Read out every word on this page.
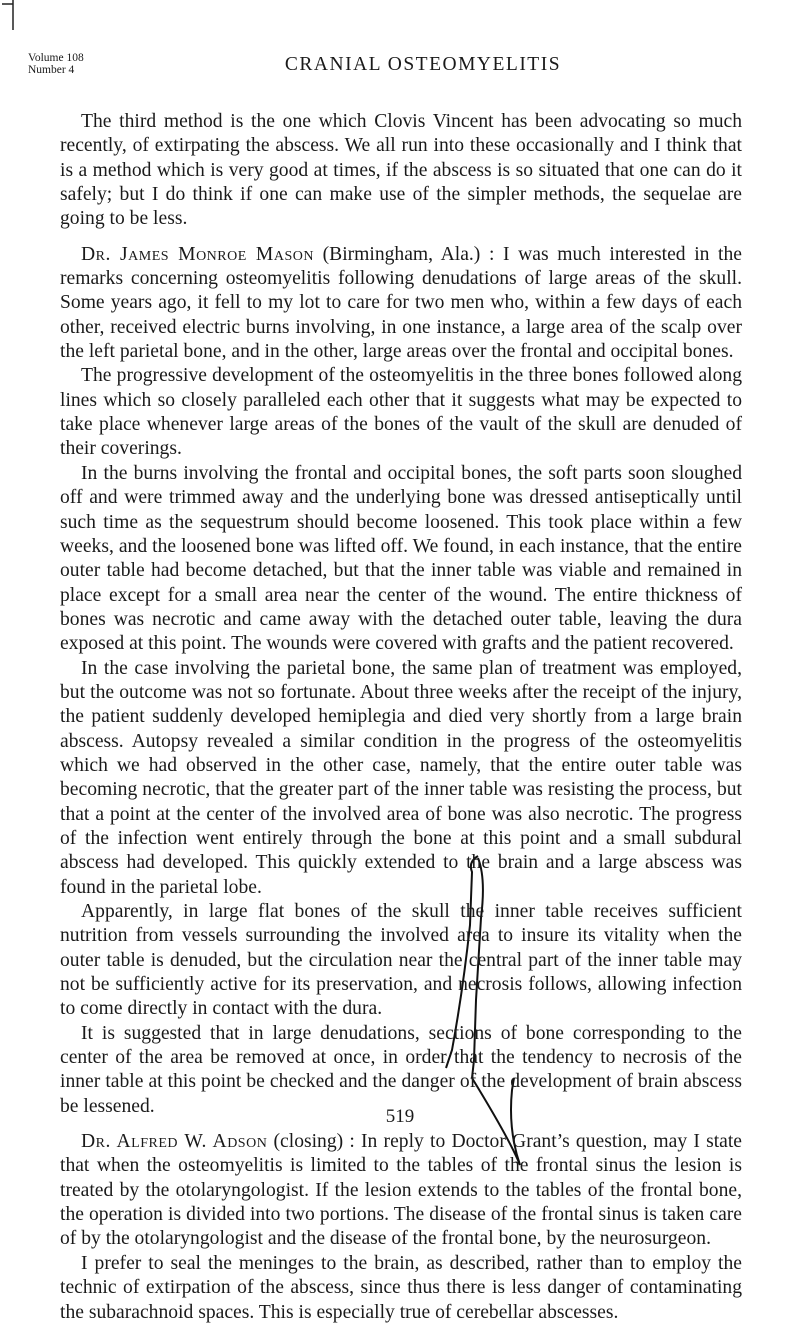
Volume 108
Number 4	CRANIAL OSTEOMYELITIS

The third method is the one which Clovis Vincent has been advocating so much recently, of extirpating the abscess. We all run into these occasionally and I think that is a method which is very good at times, if the abscess is so situated that one can do it safely; but I do think if one can make use of the simpler methods, the sequelae are going to be less.

Dr. James Monroe Mason (Birmingham, Ala.) : I was much interested in the remarks concerning osteomyelitis following denudations of large areas of the skull. Some years ago, it fell to my lot to care for two men who, within a few days of each other, received electric burns involving, in one instance, a large area of the scalp over the left parietal bone, and in the other, large areas over the frontal and occipital bones.

The progressive development of the osteomyelitis in the three bones followed along lines which so closely paralleled each other that it suggests what may be expected to take place whenever large areas of the bones of the vault of the skull are denuded of their coverings.

In the burns involving the frontal and occipital bones, the soft parts soon sloughed off and were trimmed away and the underlying bone was dressed antiseptically until such time as the sequestrum should become loosened. This took place within a few weeks, and the loosened bone was lifted off. We found, in each instance, that the entire outer table had become detached, but that the inner table was viable and remained in place except for a small area near the center of the wound. The entire thickness of bones was necrotic and came away with the detached outer table, leaving the dura exposed at this point. The wounds were covered with grafts and the patient recovered.

In the case involving the parietal bone, the same plan of treatment was employed, but the outcome was not so fortunate. About three weeks after the receipt of the injury, the patient suddenly developed hemiplegia and died very shortly from a large brain abscess. Autopsy revealed a similar condition in the progress of the osteomyelitis which we had observed in the other case, namely, that the entire outer table was becoming necrotic, that the greater part of the inner table was resisting the process, but that a point at the center of the involved area of bone was also necrotic. The progress of the infection went entirely through the bone at this point and a small subdural abscess had developed. This quickly extended to the brain and a large abscess was found in the parietal lobe.

Apparently, in large flat bones of the skull the inner table receives sufficient nutrition from vessels surrounding the involved area to insure its vitality when the outer table is denuded, but the circulation near the central part of the inner table may not be sufficiently active for its preservation, and necrosis follows, allowing infection to come directly in contact with the dura.

It is suggested that in large denudations, sections of bone corresponding to the center of the area be removed at once, in order that the tendency to necrosis of the inner table at this point be checked and the danger of the development of brain abscess be lessened.

Dr. Alfred W. Adson (closing) : In reply to Doctor Grant’s question, may I state that when the osteomyelitis is limited to the tables of the frontal sinus the lesion is treated by the otolaryngologist. If the lesion extends to the tables of the frontal bone, the operation is divided into two portions. The disease of the frontal sinus is taken care of by the otolaryngologist and the disease of the frontal bone, by the neurosurgeon.

I prefer to seal the meninges to the brain, as described, rather than to employ the technic of extirpation of the abscess, since thus there is less danger of contaminating the subarachnoid spaces. This is especially true of cerebellar abscesses.

519
